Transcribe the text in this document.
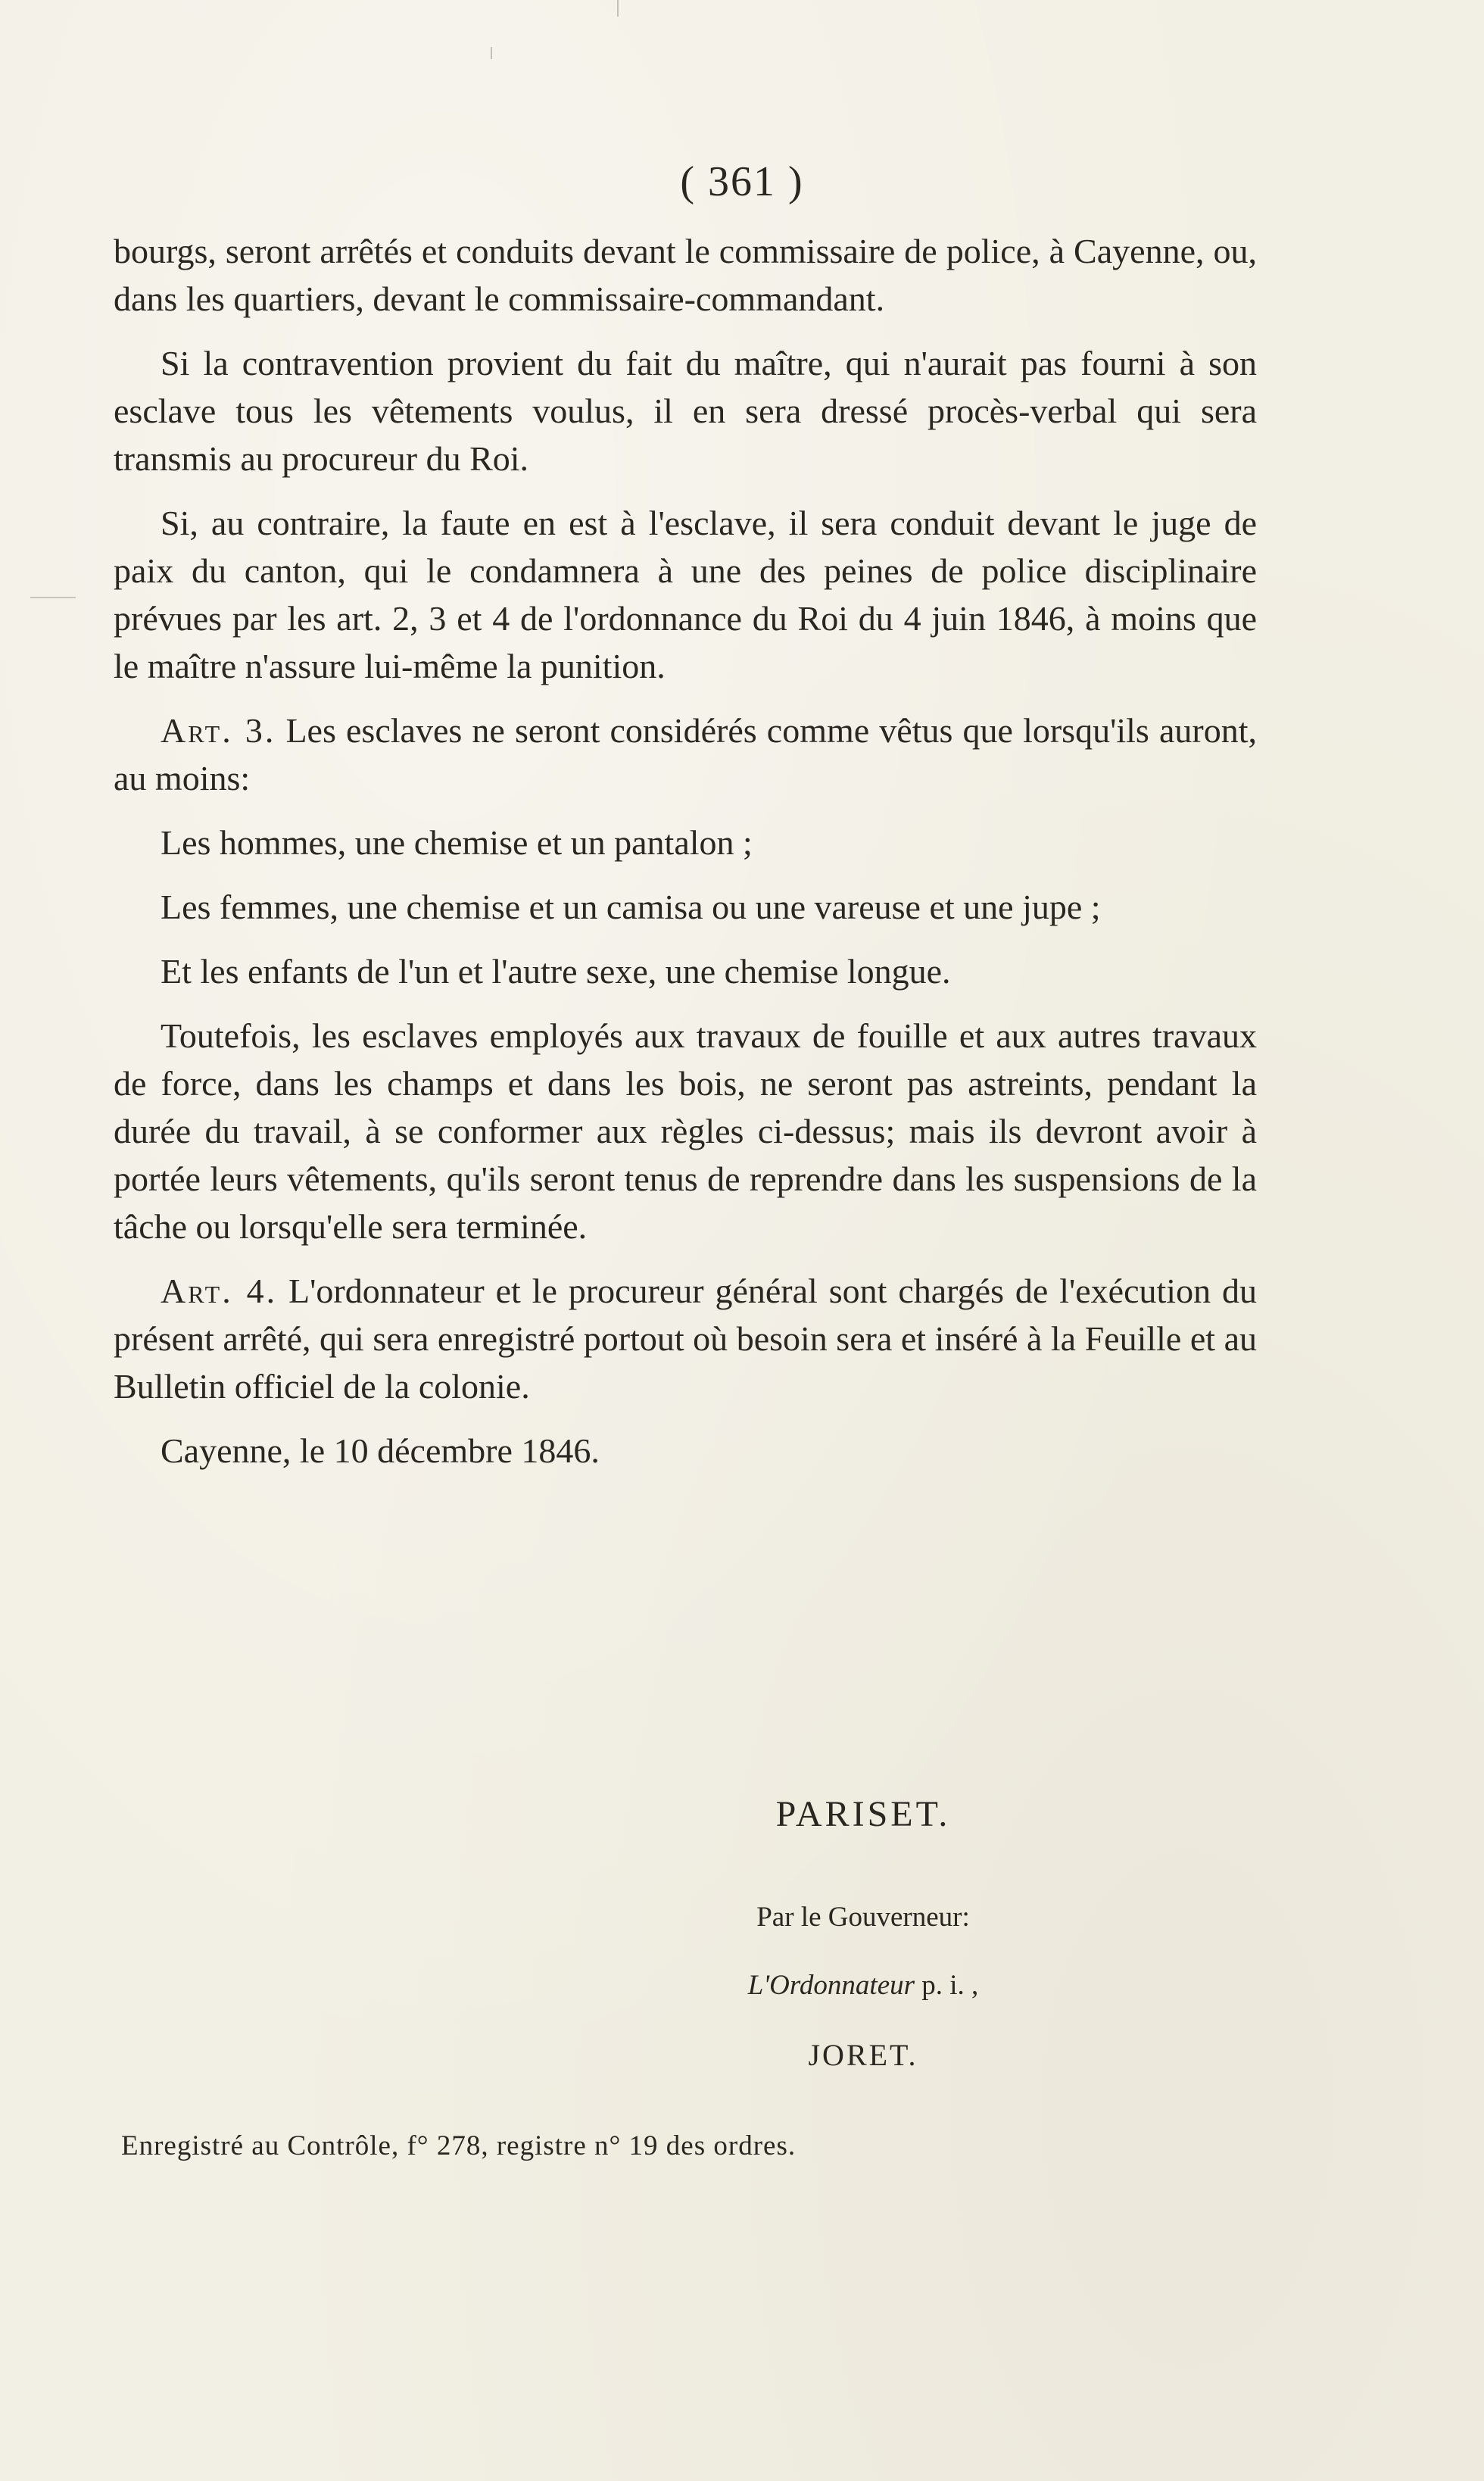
( 361 )

bourgs, seront arrêtés et conduits devant le commissaire de police, à Cayenne, ou, dans les quartiers, devant le commissaire-commandant.

Si la contravention provient du fait du maître, qui n'aurait pas fourni à son esclave tous les vêtements voulus, il en sera dressé procès-verbal qui sera transmis au procureur du Roi.

Si, au contraire, la faute en est à l'esclave, il sera conduit devant le juge de paix du canton, qui le condamnera à une des peines de police disciplinaire prévues par les art. 2, 3 et 4 de l'ordonnance du Roi du 4 juin 1846, à moins que le maître n'assure lui-même la punition.

Art. 3. Les esclaves ne seront considérés comme vêtus que lorsqu'ils auront, au moins:

Les hommes, une chemise et un pantalon ;

Les femmes, une chemise et un camisa ou une vareuse et une jupe ;

Et les enfants de l'un et l'autre sexe, une chemise longue.

Toutefois, les esclaves employés aux travaux de fouille et aux autres travaux de force, dans les champs et dans les bois, ne seront pas astreints, pendant la durée du travail, à se conformer aux règles ci-dessus; mais ils devront avoir à portée leurs vêtements, qu'ils seront tenus de reprendre dans les suspensions de la tâche ou lorsqu'elle sera terminée.

Art. 4. L'ordonnateur et le procureur général sont chargés de l'exécution du présent arrêté, qui sera enregistré portout où besoin sera et inséré à la Feuille et au Bulletin officiel de la colonie.

Cayenne, le 10 décembre 1846.

PARISET.
Par le Gouverneur:
L'Ordonnateur p. i. ,
JORET.
Enregistré au Contrôle, f° 278, registre n° 19 des ordres.
